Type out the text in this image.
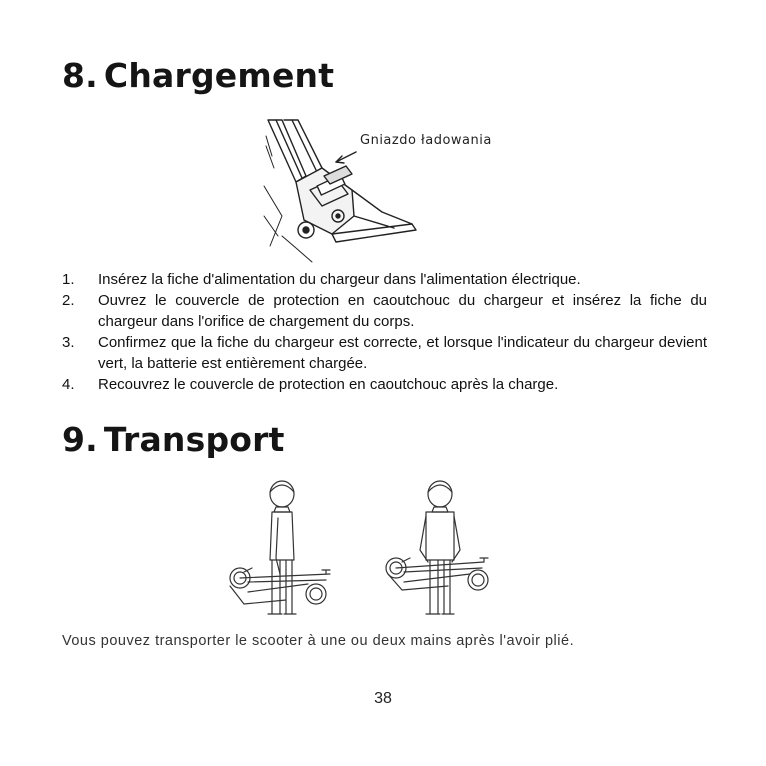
8. Chargement
Gniazdo ładowania
1. Insérez la fiche d'alimentation du chargeur dans l'alimentation électrique.
2. Ouvrez le couvercle de protection en caoutchouc du chargeur et insérez la fiche du chargeur dans l'orifice de chargement du corps.
3. Confirmez que la fiche du chargeur est correcte, et lorsque l'indicateur du chargeur devient vert, la batterie est entièrement chargée.
4. Recouvrez le couvercle de protection en caoutchouc après la charge.
9. Transport

Vous pouvez transporter le scooter à une ou deux mains après l'avoir plié.

38
